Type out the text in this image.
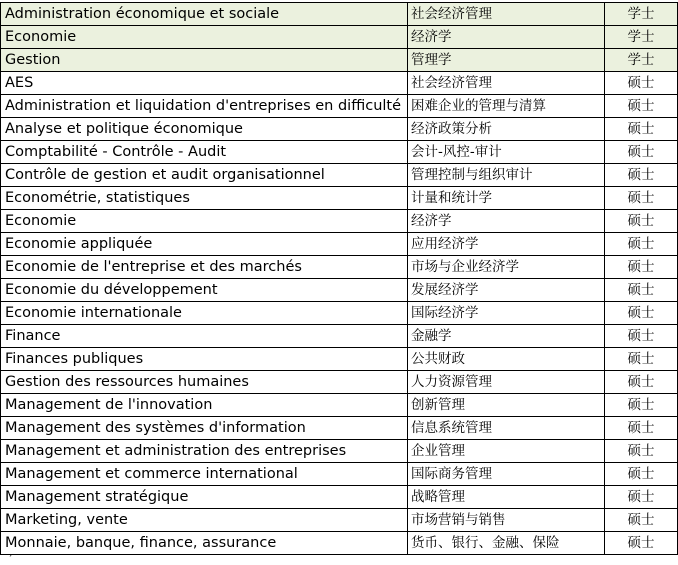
Administration économique et sociale	社会经济管理	学士
Economie	经济学	学士
Gestion	管理学	学士
AES	社会经济管理	硕士
Administration et liquidation d'entreprises en difficulté	困难企业的管理与清算	硕士
Analyse et politique économique	经济政策分析	硕士
Comptabilité - Contrôle - Audit	会计-风控-审计	硕士
Contrôle de gestion et audit organisationnel	管理控制与组织审计	硕士
Econométrie, statistiques	计量和统计学	硕士
Economie	经济学	硕士
Economie appliquée	应用经济学	硕士
Economie de l'entreprise et des marchés	市场与企业经济学	硕士
Economie du développement	发展经济学	硕士
Economie internationale	国际经济学	硕士
Finance	金融学	硕士
Finances publiques	公共财政	硕士
Gestion des ressources humaines	人力资源管理	硕士
Management de l'innovation	创新管理	硕士
Management des systèmes d'information	信息系统管理	硕士
Management et administration des entreprises	企业管理	硕士
Management et commerce international	国际商务管理	硕士
Management stratégique	战略管理	硕士
Marketing, vente	市场营销与销售	硕士
Monnaie, banque, finance, assurance	货币、银行、金融、保险	硕士
´
